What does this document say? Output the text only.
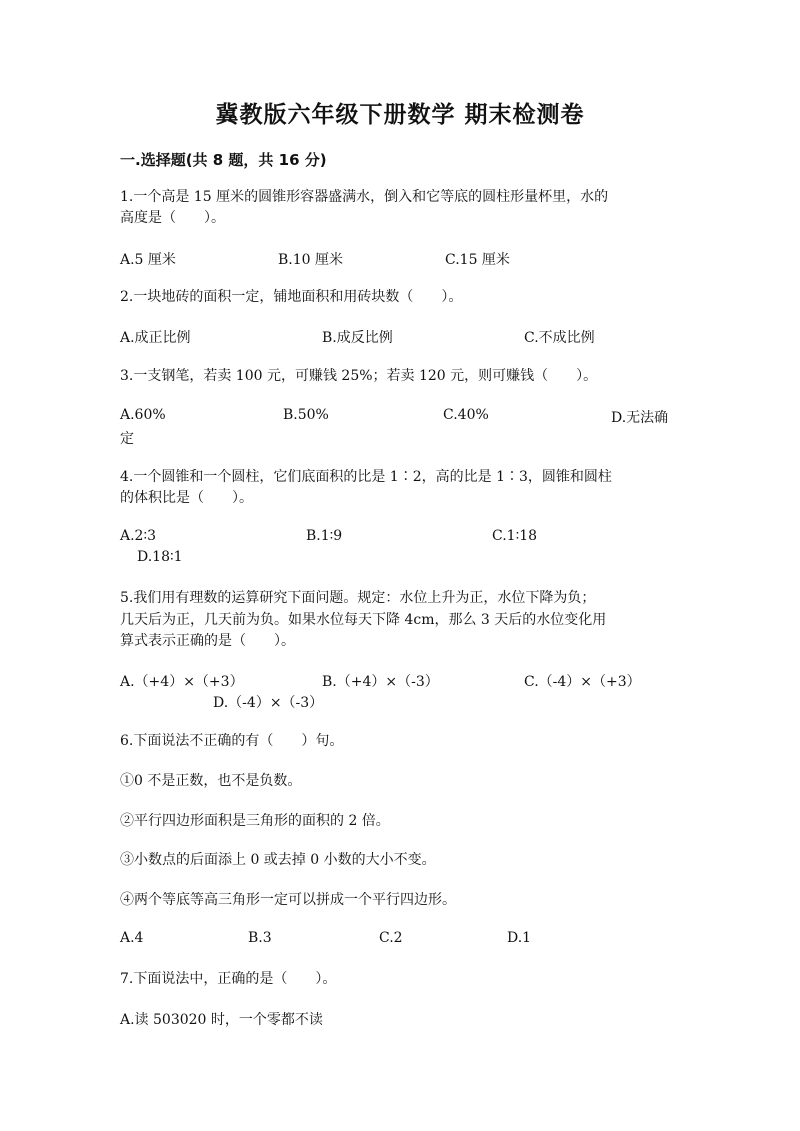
冀教版六年级下册数学 期末检测卷
一.选择题(共 8 题，共 16 分)
1.一个高是 15 厘米的圆锥形容器盛满水，倒入和它等底的圆柱形量杯里，水的
高度是（　　）。
A.5 厘米	B.10 厘米	C.15 厘米
2.一块地砖的面积一定，铺地面积和用砖块数（　　）。
A.成正比例	B.成反比例	C.不成比例
3.一支钢笔，若卖 100 元，可赚钱 25%；若卖 120 元，则可赚钱（　　）。
A.60%	B.50%	C.40%	D.无法确
定
4.一个圆锥和一个圆柱，它们底面积的比是 1∶2，高的比是 1∶3，圆锥和圆柱
的体积比是（　　）。
A.2∶3	B.1∶9	C.1∶18
D.18∶1
5.我们用有理数的运算研究下面问题。规定：水位上升为正，水位下降为负；
几天后为正，几天前为负。如果水位每天下降 4cm，那么 3 天后的水位变化用
算式表示正确的是（　　）。
A.（+4）×（+3）	B.（+4）×（-3）	C.（-4）×（+3）
D.（-4）×（-3）
6.下面说法不正确的有（　　）句。
①0 不是正数，也不是负数。
②平行四边形面积是三角形的面积的 2 倍。
③小数点的后面添上 0 或去掉 0 小数的大小不变。
④两个等底等高三角形一定可以拼成一个平行四边形。
A.4	B.3	C.2	D.1
7.下面说法中，正确的是（　　）。
A.读 503020 时，一个零都不读
